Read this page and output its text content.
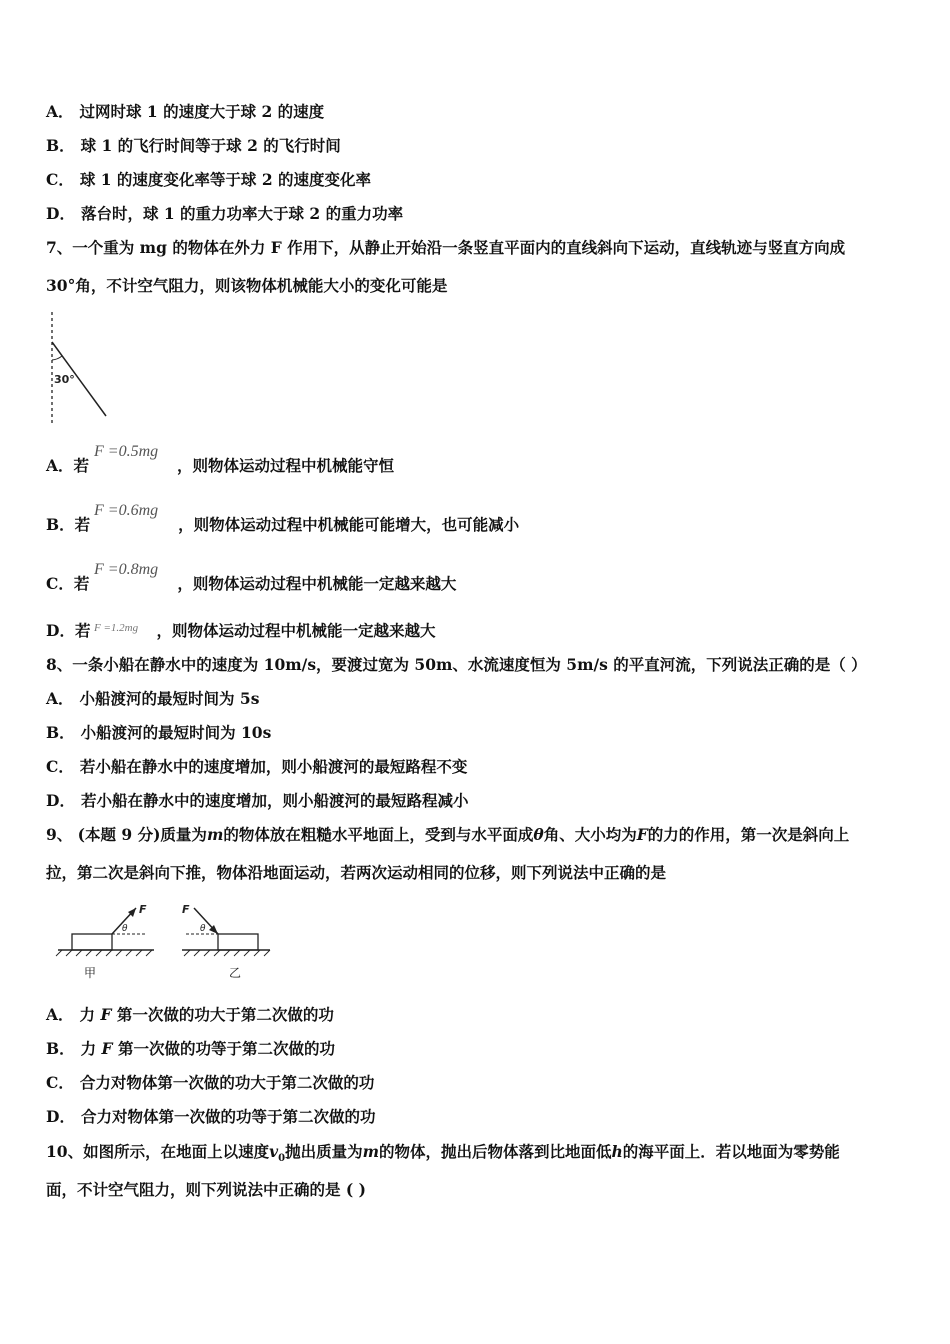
A． 过网时球 1 的速度大于球 2 的速度
B． 球 1 的飞行时间等于球 2 的飞行时间
C． 球 1 的速度变化率等于球 2 的速度变化率
D． 落台时，球 1 的重力功率大于球 2 的重力功率
7、一个重为 mg 的物体在外力 F 作用下，从静止开始沿一条竖直平面内的直线斜向下运动，直线轨迹与竖直方向成
30°角，不计空气阻力，则该物体机械能大小的变化可能是
30°
A．若	，则物体运动过程中机械能守恒
F =0.5mg
B．若	，则物体运动过程中机械能可能增大，也可能减小
F =0.6mg
C．若	，则物体运动过程中机械能一定越来越大
F =0.8mg
D．若	，则物体运动过程中机械能一定越来越大
F =1.2mg
8、一条小船在静水中的速度为 10m/s，要渡过宽为 50m、水流速度恒为 5m/s 的平直河流，下列说法正确的是（ ）
A． 小船渡河的最短时间为 5s
B． 小船渡河的最短时间为 10s
C． 若小船在静水中的速度增加，则小船渡河的最短路程不变
D． 若小船在静水中的速度增加，则小船渡河的最短路程减小
9、 (本题 9 分)质量为m的物体放在粗糙水平地面上，受到与水平面成θ角、大小均为F的力的作用，第一次是斜向上
拉，第二次是斜向下推，物体沿地面运动，若两次运动相同的位移，则下列说法中正确的是
F
θ
甲
F
θ
乙
A． 力 F 第一次做的功大于第二次做的功
B． 力 F 第一次做的功等于第二次做的功
C． 合力对物体第一次做的功大于第二次做的功
D． 合力对物体第一次做的功等于第二次做的功
10、如图所示，在地面上以速度$v_0$抛出质量为m的物体，抛出后物体落到比地面低h的海平面上．若以地面为零势能
面，不计空气阻力，则下列说法中正确的是 ( )
